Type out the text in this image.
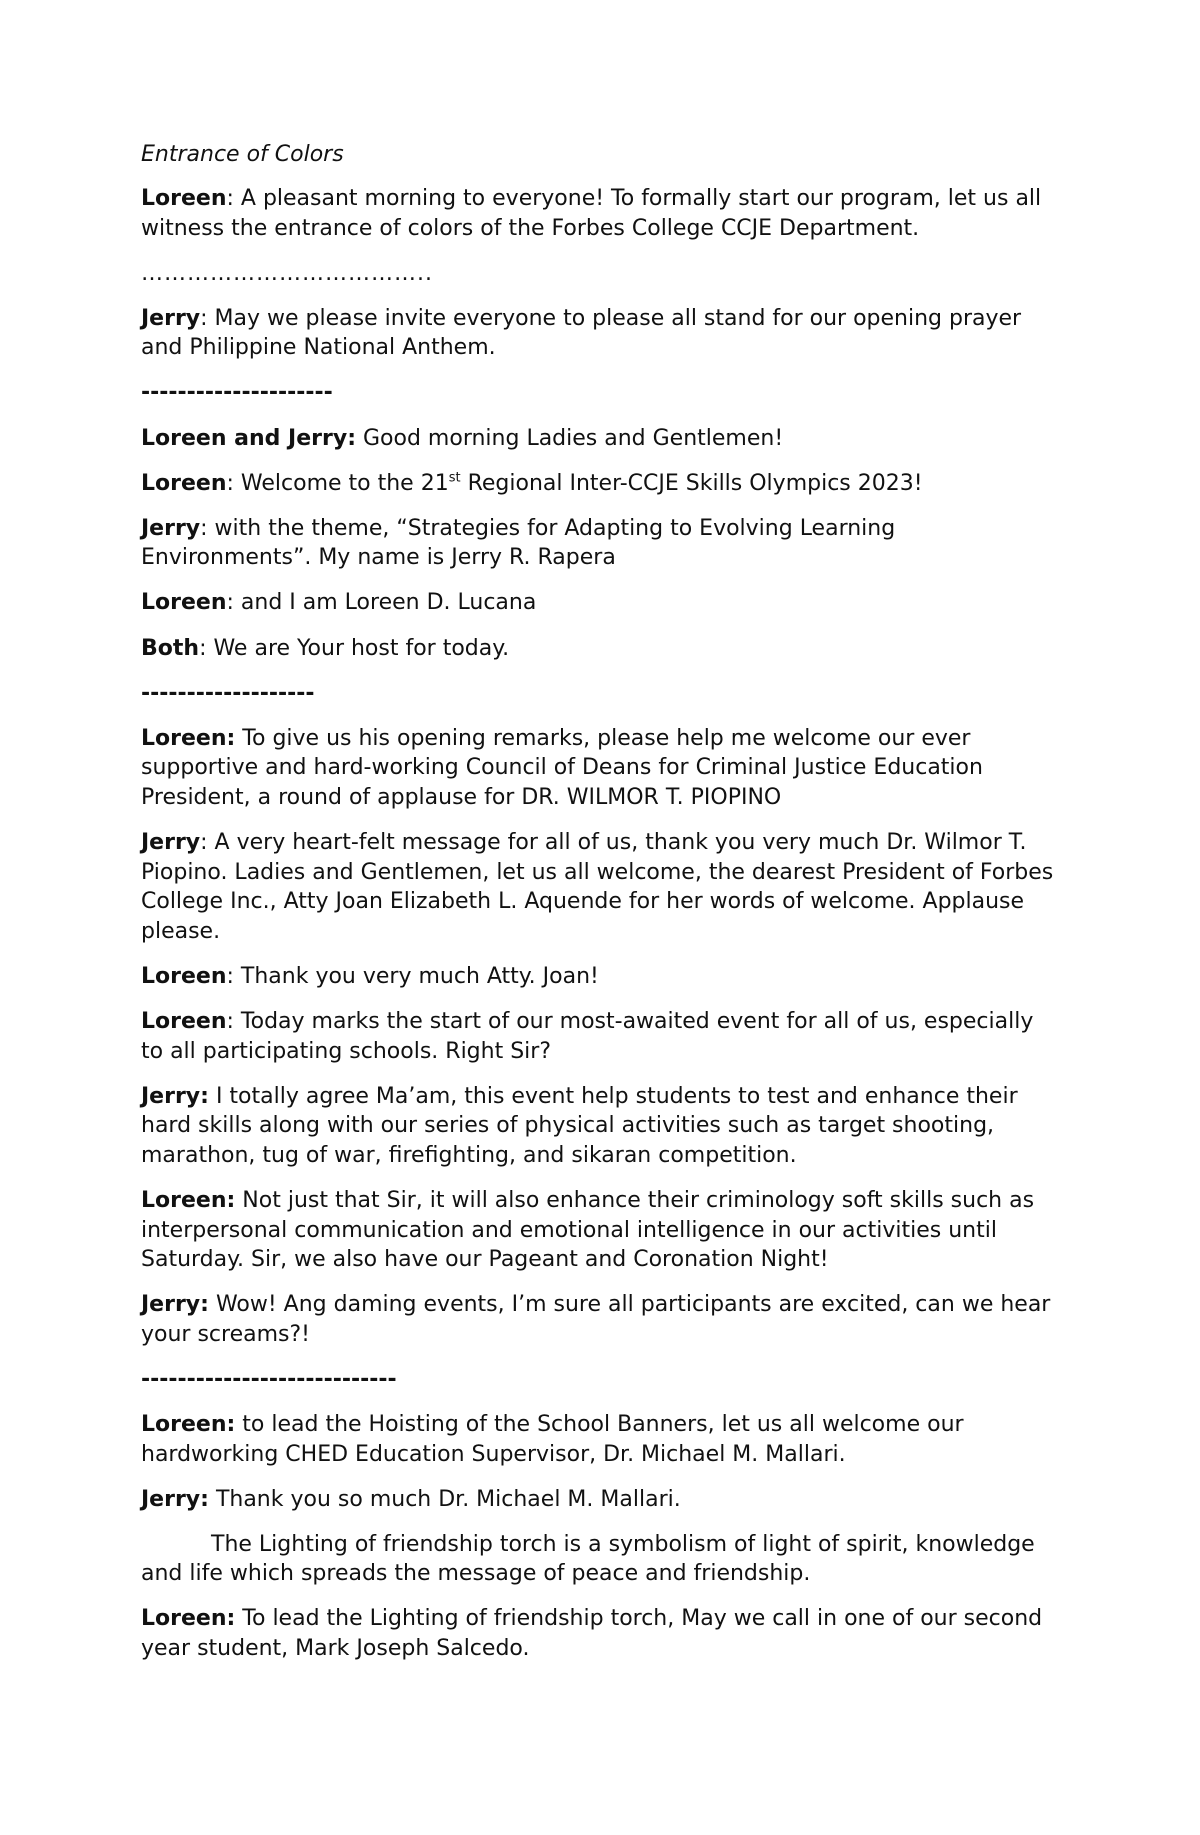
Entrance of Colors

Loreen: A pleasant morning to everyone! To formally start our program, let us all witness the entrance of colors of the Forbes College CCJE Department.

………………………………..

Jerry: May we please invite everyone to please all stand for our opening prayer and Philippine National Anthem.

---------------------

Loreen and Jerry: Good morning Ladies and Gentlemen!

Loreen: Welcome to the 21st Regional Inter-CCJE Skills Olympics 2023!

Jerry: with the theme, “Strategies for Adapting to Evolving Learning Environments”. My name is Jerry R. Rapera

Loreen: and I am Loreen D. Lucana

Both: We are Your host for today.

-------------------

Loreen: To give us his opening remarks, please help me welcome our ever supportive and hard-working Council of Deans for Criminal Justice Education President, a round of applause for DR. WILMOR T. PIOPINO

Jerry: A very heart-felt message for all of us, thank you very much Dr. Wilmor T. Piopino. Ladies and Gentlemen, let us all welcome, the dearest President of Forbes College Inc., Atty Joan Elizabeth L. Aquende for her words of welcome. Applause please.

Loreen: Thank you very much Atty. Joan!

Loreen: Today marks the start of our most-awaited event for all of us, especially to all participating schools. Right Sir?

Jerry: I totally agree Ma’am, this event help students to test and enhance their hard skills along with our series of physical activities such as target shooting, marathon, tug of war, firefighting, and sikaran competition.

Loreen: Not just that Sir, it will also enhance their criminology soft skills such as interpersonal communication and emotional intelligence in our activities until Saturday. Sir, we also have our Pageant and Coronation Night!

Jerry: Wow! Ang daming events, I’m sure all participants are excited, can we hear your screams?!

----------------------------

Loreen: to lead the Hoisting of the School Banners, let us all welcome our hardworking CHED Education Supervisor, Dr. Michael M. Mallari.

Jerry: Thank you so much Dr. Michael M. Mallari.

The Lighting of friendship torch is a symbolism of light of spirit, knowledge and life which spreads the message of peace and friendship.

Loreen: To lead the Lighting of friendship torch, May we call in one of our second year student, Mark Joseph Salcedo.
